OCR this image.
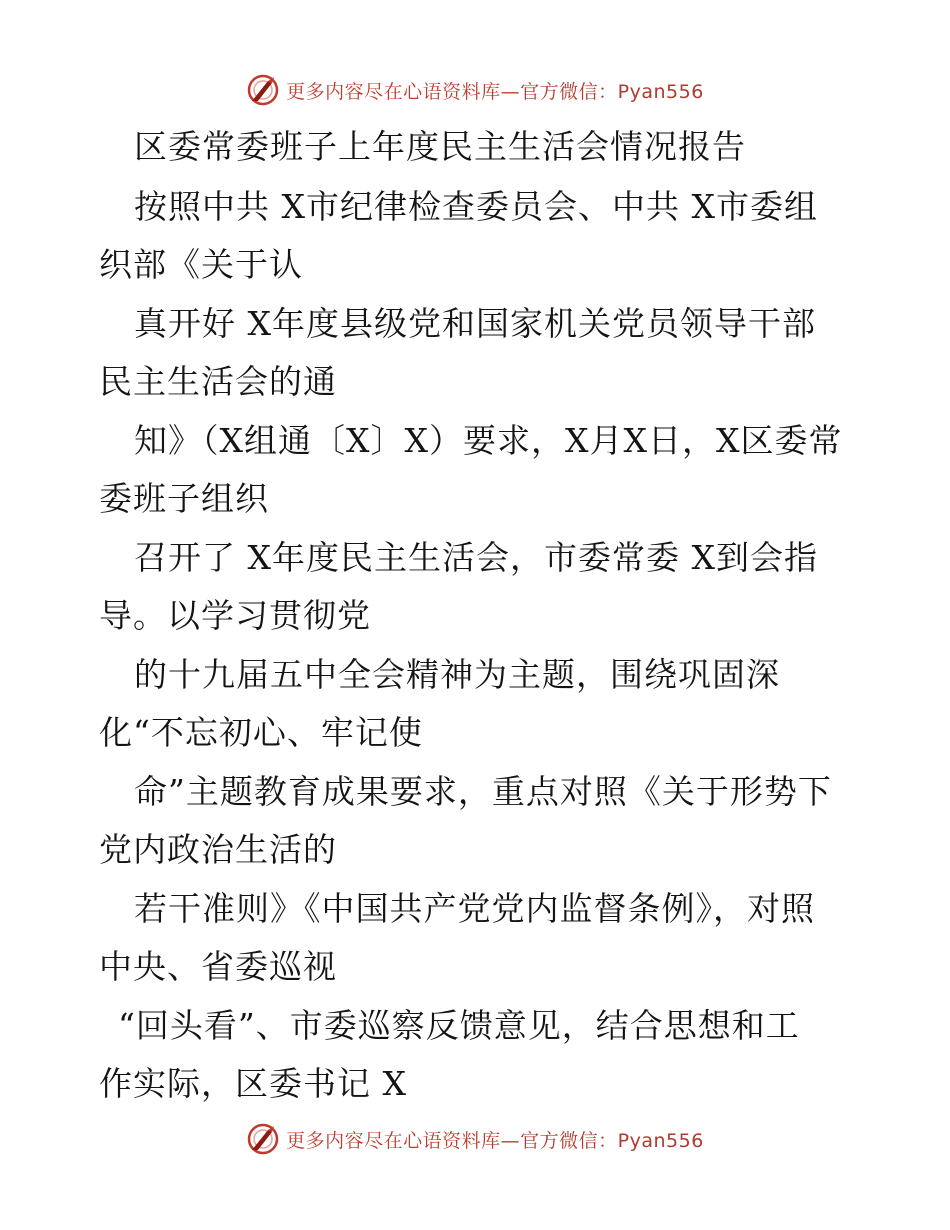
更多内容尽在心语资料库—官方微信：Pyan556
区委常委班子上年度民主生活会情况报告
按照中共 X市纪律检查委员会、中共 X市委组
织部《关于认
真开好 X年度县级党和国家机关党员领导干部
民主生活会的通
知》（X组通〔X〕X）要求，X月X日，X区委常
委班子组织
召开了 X年度民主生活会，市委常委 X到会指
导。以学习贯彻党
的十九届五中全会精神为主题，围绕巩固深
化“不忘初心、牢记使
命”主题教育成果要求，重点对照《关于形势下
党内政治生活的
若干准则》《中国共产党党内监督条例》，对照
中央、省委巡视
“回头看”、市委巡察反馈意见，结合思想和工
作实际，区委书记 X
更多内容尽在心语资料库—官方微信：Pyan556
